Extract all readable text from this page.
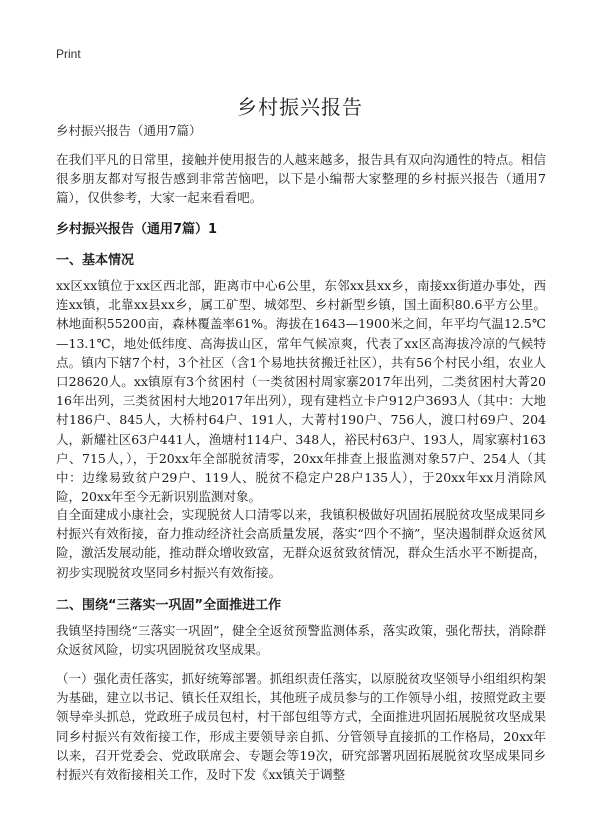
Print
乡村振兴报告
乡村振兴报告（通用7篇）
在我们平凡的日常里，接触并使用报告的人越来越多，报告具有双向沟通性的特点。相信很多朋友都对写报告感到非常苦恼吧，以下是小编帮大家整理的乡村振兴报告（通用7篇），仅供参考，大家一起来看看吧。
乡村振兴报告（通用7篇）1
一、基本情况
xx区xx镇位于xx区西北部，距离市中心6公里，东邻xx县xx乡，南接xx街道办事处，西连xx镇，北靠xx县xx乡，属工矿型、城郊型、乡村新型乡镇，国土面积80.6平方公里。林地面积55200亩，森林覆盖率61%。海拔在1643—1900米之间，年平均气温12.5℃—13.1℃，地处低纬度、高海拔山区，常年气候凉爽，代表了xx区高海拔冷凉的气候特点。镇内下辖7个村，3个社区（含1个易地扶贫搬迁社区），共有56个村民小组，农业人口28620人。xx镇原有3个贫困村（一类贫困村周家寨2017年出列，二类贫困村大菁2016年出列，三类贫困村大地2017年出列），现有建档立卡户912户3693人（其中：大地村186户、845人，大桥村64户、191人，大菁村190户、756人，渡口村69户、204人，新耀社区63户441人，渔塘村114户、348人，裕民村63户、193人，周家寨村163户、715人，），于20xx年全部脱贫清零，20xx年排查上报监测对象57户、254人（其中：边缘易致贫户29户、119人、脱贫不稳定户28户135人），于20xx年xx月消除风险，20xx年至今无新识别监测对象。
自全面建成小康社会，实现脱贫人口清零以来，我镇积极做好巩固拓展脱贫攻坚成果同乡村振兴有效衔接，奋力推动经济社会高质量发展，落实“四个不摘”，坚决遏制群众返贫风险，激活发展动能，推动群众增收致富，无群众返贫致贫情况，群众生活水平不断提高，初步实现脱贫攻坚同乡村振兴有效衔接。
二、围绕“三落实一巩固”全面推进工作
我镇坚持围绕“三落实一巩固”，健全全返贫预警监测体系，落实政策，强化帮扶，消除群众返贫风险，切实巩固脱贫攻坚成果。
（一）强化责任落实，抓好统筹部署。抓组织责任落实，以原脱贫攻坚领导小组组织构架为基础，建立以书记、镇长任双组长，其他班子成员参与的工作领导小组，按照党政主要领导牵头抓总，党政班子成员包村，村干部包组等方式，全面推进巩固拓展脱贫攻坚成果同乡村振兴有效衔接工作，形成主要领导亲自抓、分管领导直接抓的工作格局，20xx年以来，召开党委会、党政联席会、专题会等19次，研究部署巩固拓展脱贫攻坚成果同乡村振兴有效衔接相关工作，及时下发《xx镇关于调整
